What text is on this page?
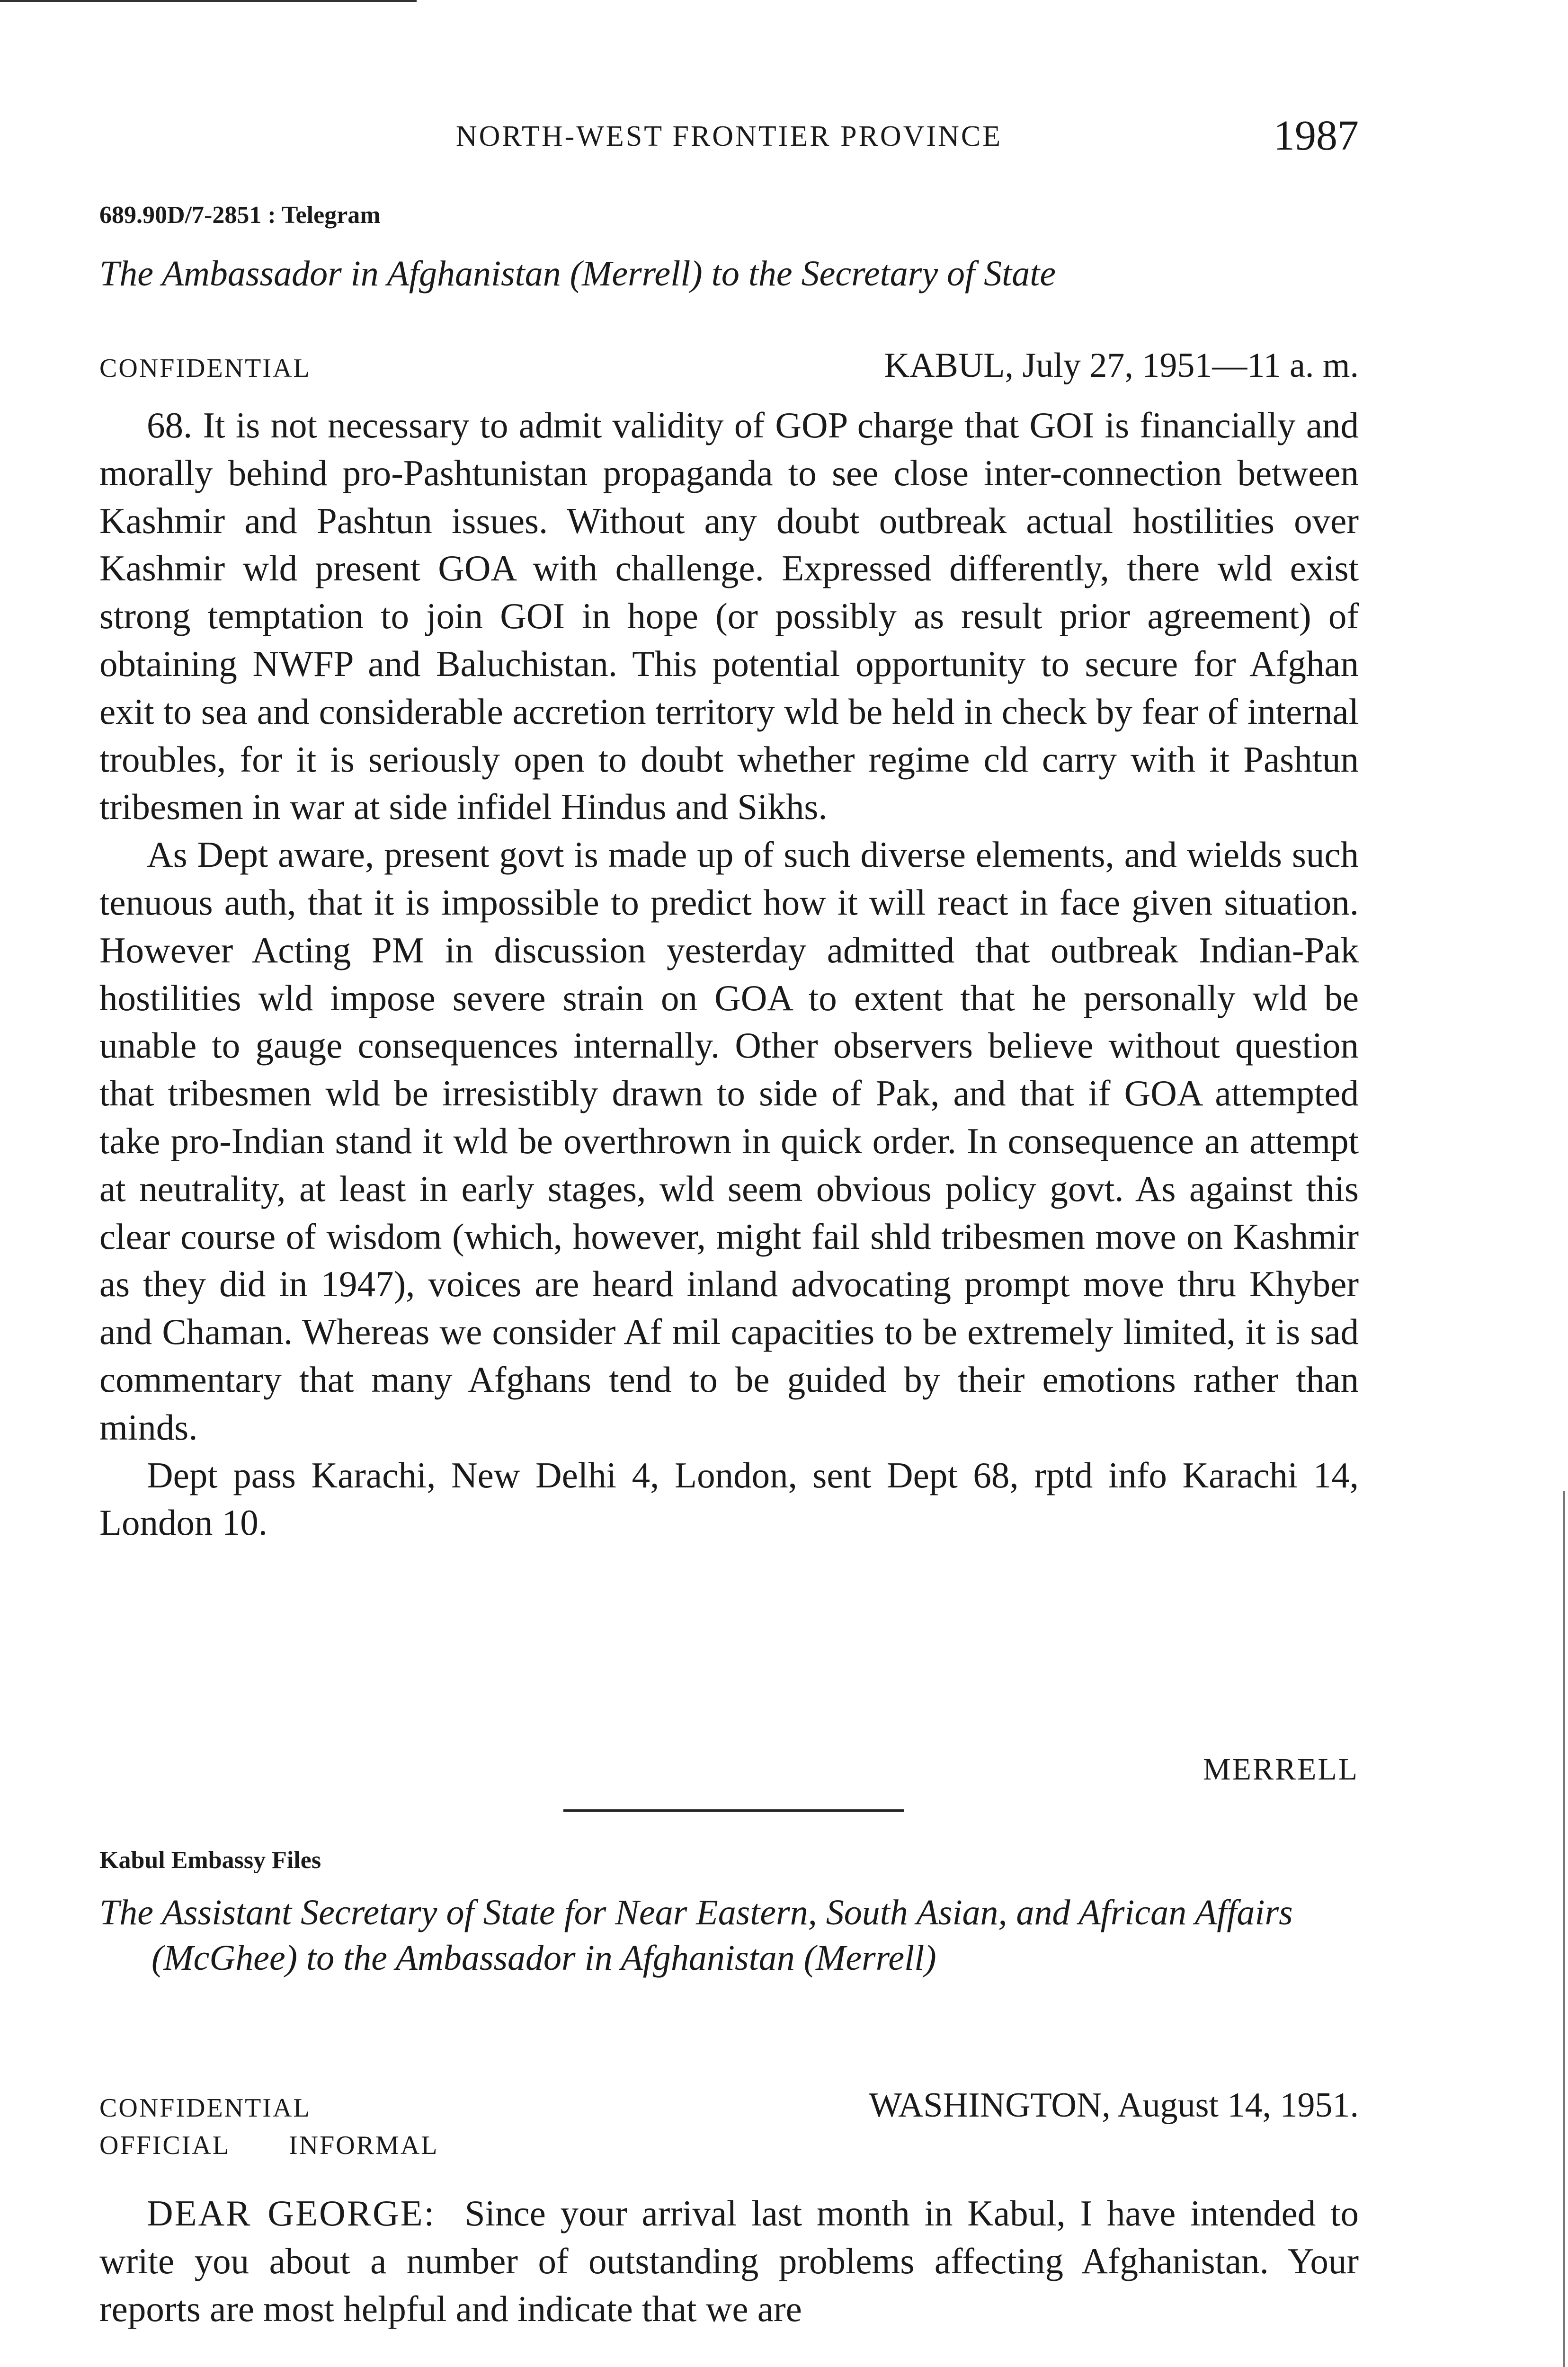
NORTH-WEST FRONTIER PROVINCE	1987
689.90D/7-2851 : Telegram
The Ambassador in Afghanistan (Merrell) to the Secretary of State
CONFIDENTIAL	KABUL, July 27, 1951—11 a. m.

68. It is not necessary to admit validity of GOP charge that GOI is financially and morally behind pro-Pashtunistan propaganda to see close inter-connection between Kashmir and Pashtun issues. Without any doubt outbreak actual hostilities over Kashmir wld present GOA with challenge. Expressed differently, there wld exist strong temptation to join GOI in hope (or possibly as result prior agreement) of obtaining NWFP and Baluchistan. This potential opportunity to secure for Afghan exit to sea and considerable accretion territory wld be held in check by fear of internal troubles, for it is seriously open to doubt whether regime cld carry with it Pashtun tribesmen in war at side infidel Hindus and Sikhs.

As Dept aware, present govt is made up of such diverse elements, and wields such tenuous auth, that it is impossible to predict how it will react in face given situation. However Acting PM in discussion yesterday admitted that outbreak Indian-Pak hostilities wld impose severe strain on GOA to extent that he personally wld be unable to gauge consequences internally. Other observers believe without question that tribesmen wld be irresistibly drawn to side of Pak, and that if GOA attempted take pro-Indian stand it wld be overthrown in quick order. In consequence an attempt at neutrality, at least in early stages, wld seem obvious policy govt. As against this clear course of wisdom (which, however, might fail shld tribesmen move on Kashmir as they did in 1947), voices are heard inland advocating prompt move thru Khyber and Chaman. Whereas we consider Af mil capacities to be extremely limited, it is sad commentary that many Afghans tend to be guided by their emotions rather than minds.

Dept pass Karachi, New Delhi 4, London, sent Dept 68, rptd info Karachi 14, London 10.

MERRELL
Kabul Embassy Files
The Assistant Secretary of State for Near Eastern, South Asian, and African Affairs (McGhee) to the Ambassador in Afghanistan (Merrell)
CONFIDENTIAL	WASHINGTON, August 14, 1951.
OFFICIAL INFORMAL

DEAR GEORGE: Since your arrival last month in Kabul, I have intended to write you about a number of outstanding problems affecting Afghanistan. Your reports are most helpful and indicate that we are
